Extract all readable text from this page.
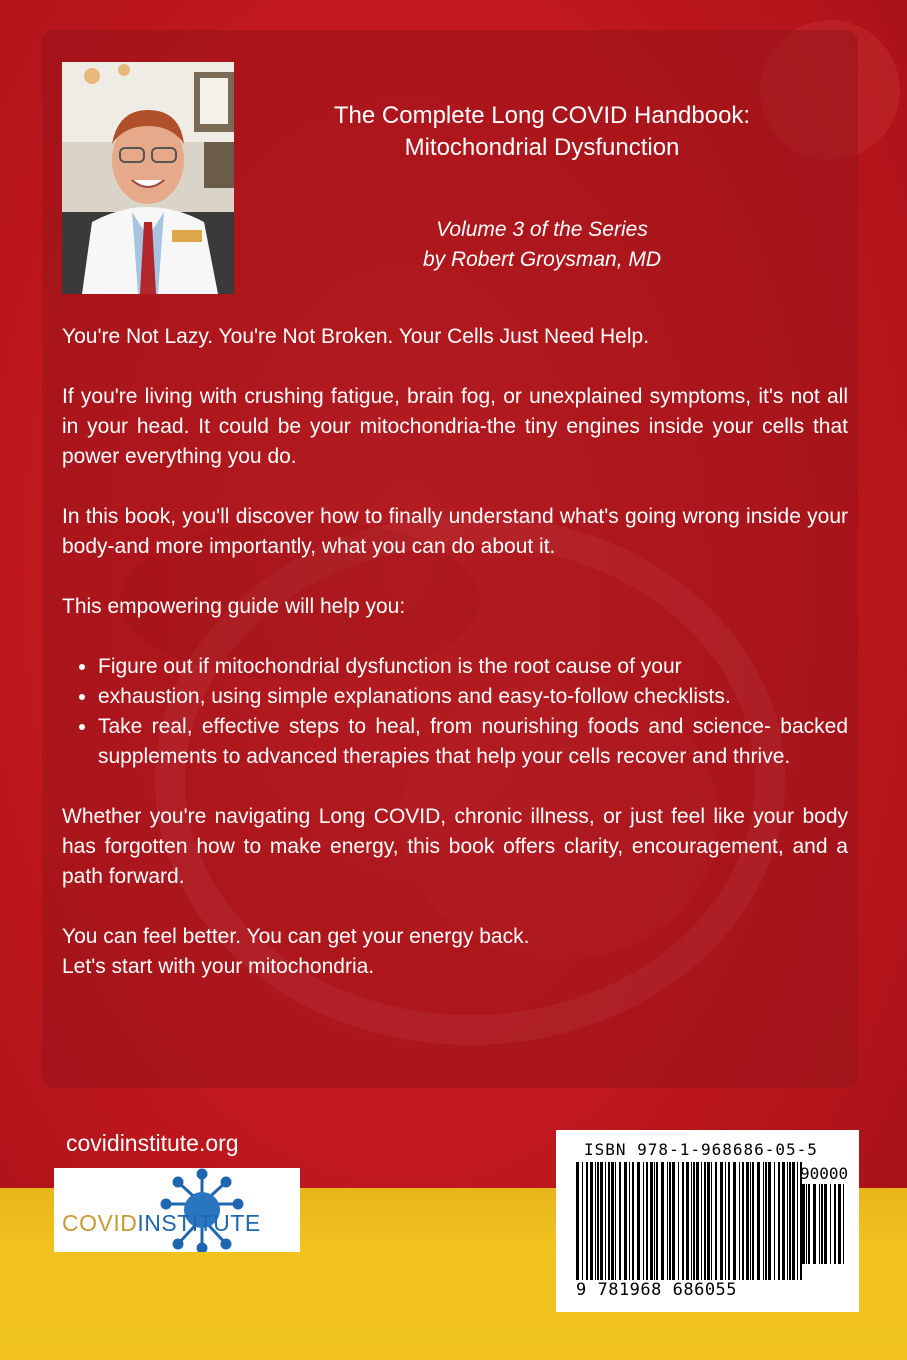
The Complete Long COVID Handbook:
Mitochondrial Dysfunction
Volume 3 of the Series
by Robert Groysman, MD

You're Not Lazy. You're Not Broken. Your Cells Just Need Help.

If you're living with crushing fatigue, brain fog, or unexplained symptoms, it's not all in your head. It could be your mitochondria-the tiny engines inside your cells that power everything you do.

In this book, you'll discover how to finally understand what's going wrong inside your body-and more importantly, what you can do about it.

This empowering guide will help you:

• Figure out if mitochondrial dysfunction is the root cause of your
• exhaustion, using simple explanations and easy-to-follow checklists.
• Take real, effective steps to heal, from nourishing foods and science- backed supplements to advanced therapies that help your cells recover and thrive.

Whether you're navigating Long COVID, chronic illness, or just feel like your body has forgotten how to make energy, this book offers clarity, encouragement, and a path forward.

You can feel better. You can get your energy back.

Let's start with your mitochondria.

covidinstitute.org
COVIDINSTITUTE
ISBN 978-1-968686-05-5
90000
9 781968 686055
